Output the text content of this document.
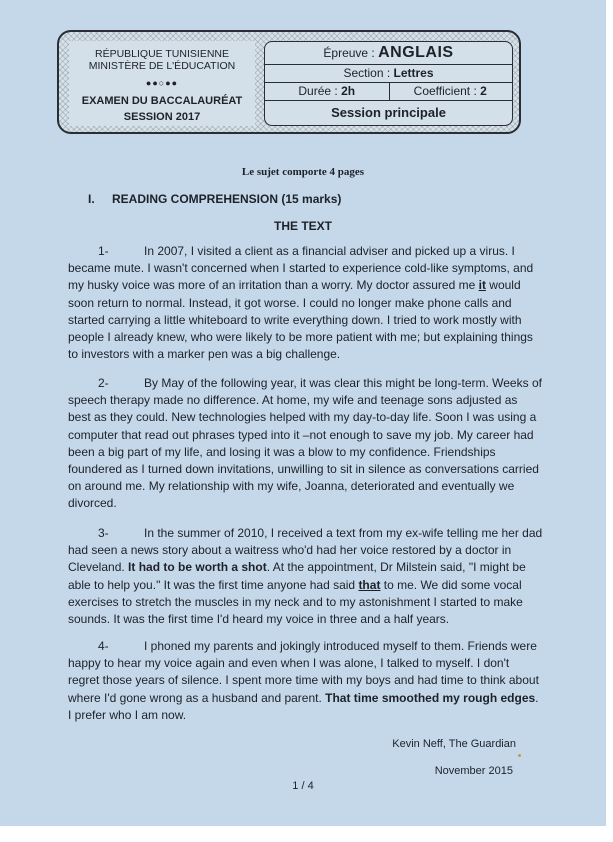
RÉPUBLIQUE TUNISIENNE
MINISTÈRE DE L'ÉDUCATION
●●○●●
EXAMEN DU BACCALAURÉAT
SESSION 2017
Épreuve : ANGLAIS
Section : Lettres
Durée : 2h	Coefficient : 2
Session principale
Le sujet comporte 4 pages
I. READING COMPREHENSION (15 marks)
THE TEXT
1-	In 2007, I visited a client as a financial adviser and picked up a virus. I
became mute. I wasn't concerned when I started to experience cold-like symptoms, and
my husky voice was more of an irritation than a worry. My doctor assured me it would
soon return to normal. Instead, it got worse. I could no longer make phone calls and
started carrying a little whiteboard to write everything down. I tried to work mostly with
people I already knew, who were likely to be more patient with me; but explaining things
to investors with a marker pen was a big challenge.
2-	By May of the following year, it was clear this might be long-term. Weeks of
speech therapy made no difference. At home, my wife and teenage sons adjusted as
best as they could. New technologies helped with my day-to-day life. Soon I was using a
computer that read out phrases typed into it –not enough to save my job. My career had
been a big part of my life, and losing it was a blow to my confidence. Friendships
foundered as I turned down invitations, unwilling to sit in silence as conversations carried
on around me. My relationship with my wife, Joanna, deteriorated and eventually we
divorced.
3-	In the summer of 2010, I received a text from my ex-wife telling me her dad
had seen a news story about a waitress who'd had her voice restored by a doctor in
Cleveland. It had to be worth a shot. At the appointment, Dr Milstein said, "I might be
able to help you." It was the first time anyone had said that to me. We did some vocal
exercises to stretch the muscles in my neck and to my astonishment I started to make
sounds. It was the first time I'd heard my voice in three and a half years.
4-	I phoned my parents and jokingly introduced myself to them. Friends were
happy to hear my voice again and even when I was alone, I talked to myself. I don't
regret those years of silence. I spent more time with my boys and had time to think about
where I'd gone wrong as a husband and parent. That time smoothed my rough edges.
I prefer who I am now.
Kevin Neff, The Guardian
November 2015
1 / 4
